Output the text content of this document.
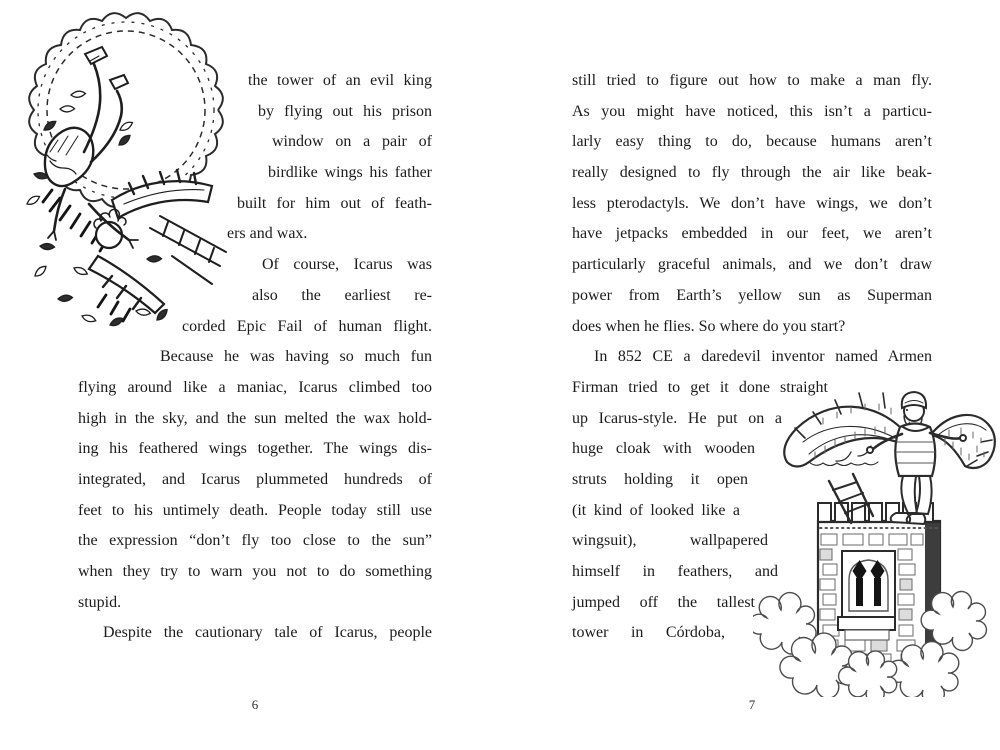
the tower of an evil king
by flying out his prison
window on a pair of
birdlike wings his father
built for him out of feath-
ers and wax.
Of course, Icarus was
also the earliest re-
corded Epic Fail of human flight.
Because he was having so much fun
flying around like a maniac, Icarus climbed too
high in the sky, and the sun melted the wax hold-
ing his feathered wings together. The wings dis-
integrated, and Icarus plummeted hundreds of
feet to his untimely death. People today still use
the expression “don’t fly too close to the sun”
when they try to warn you not to do something
stupid.
Despite the cautionary tale of Icarus, people
still tried to figure out how to make a man fly.
As you might have noticed, this isn’t a particu-
larly easy thing to do, because humans aren’t
really designed to fly through the air like beak-
less pterodactyls. We don’t have wings, we don’t
have jetpacks embedded in our feet, we aren’t
particularly graceful animals, and we don’t draw
power from Earth’s yellow sun as Superman
does when he flies. So where do you start?
In 852 CE a daredevil inventor named Armen
Firman tried to get it done straight
up Icarus-style. He put on a
huge cloak with wooden
struts holding it open
(it kind of looked like a
wingsuit), wallpapered
himself in feathers, and
jumped off the tallest
tower in Córdoba,
6	7
